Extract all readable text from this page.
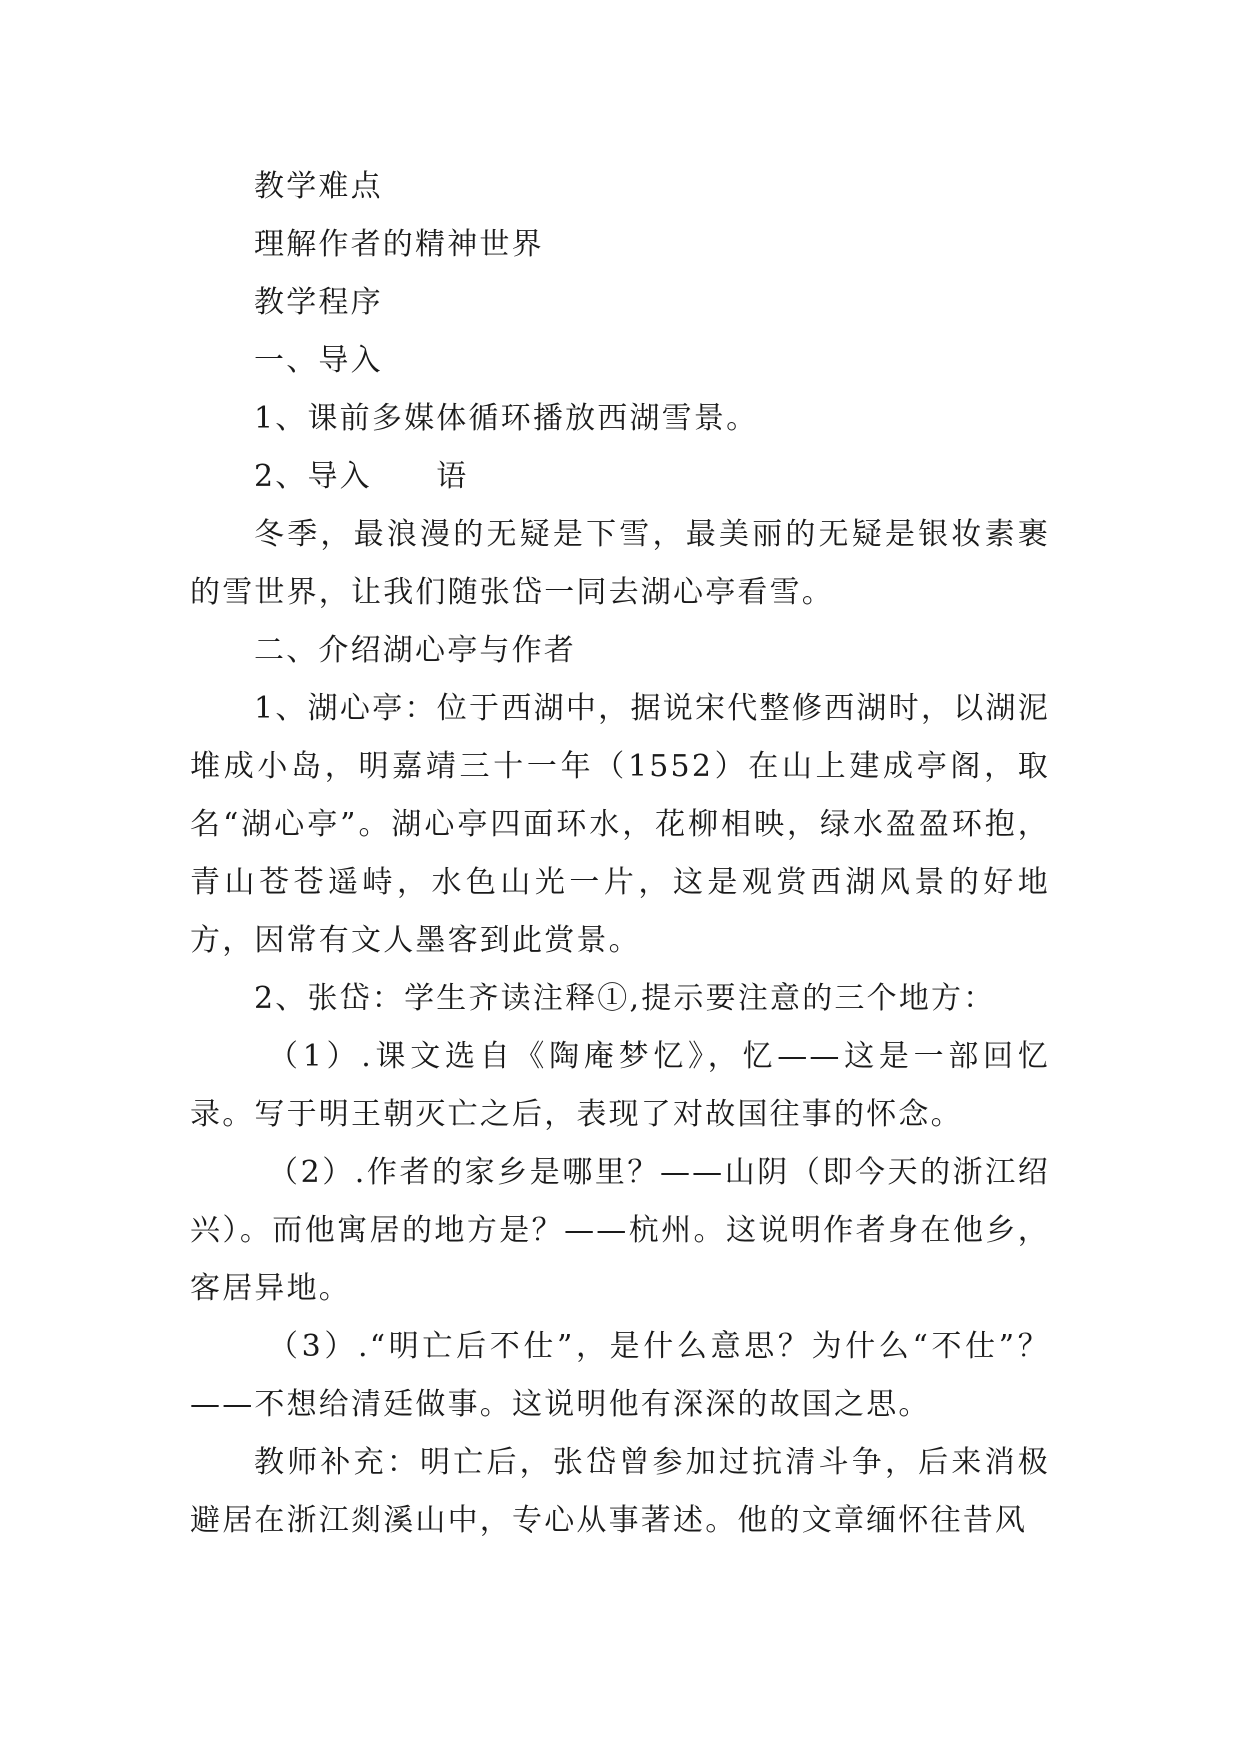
教学难点

理解作者的精神世界

教学程序

一、导入

1、课前多媒体循环播放西湖雪景。

2、导入　　语

冬季，最浪漫的无疑是下雪，最美丽的无疑是银妆素裹的雪世界，让我们随张岱一同去湖心亭看雪。

二、介绍湖心亭与作者

1、湖心亭：位于西湖中，据说宋代整修西湖时，以湖泥堆成小岛，明嘉靖三十一年（1552）在山上建成亭阁，取名“湖心亭”。湖心亭四面环水，花柳相映，绿水盈盈环抱，青山苍苍遥峙，水色山光一片，这是观赏西湖风景的好地方，因常有文人墨客到此赏景。

2、张岱：学生齐读注释①,提示要注意的三个地方：

（1）.课文选自《陶庵梦忆》，忆——这是一部回忆录。写于明王朝灭亡之后，表现了对故国往事的怀念。

（2）.作者的家乡是哪里？——山阴（即今天的浙江绍兴）。而他寓居的地方是？——杭州。这说明作者身在他乡，客居异地。

（3）.“明亡后不仕”，是什么意思？为什么“不仕”？——不想给清廷做事。这说明他有深深的故国之思。

教师补充：明亡后，张岱曾参加过抗清斗争，后来消极避居在浙江剡溪山中，专心从事著述。他的文章缅怀往昔风
